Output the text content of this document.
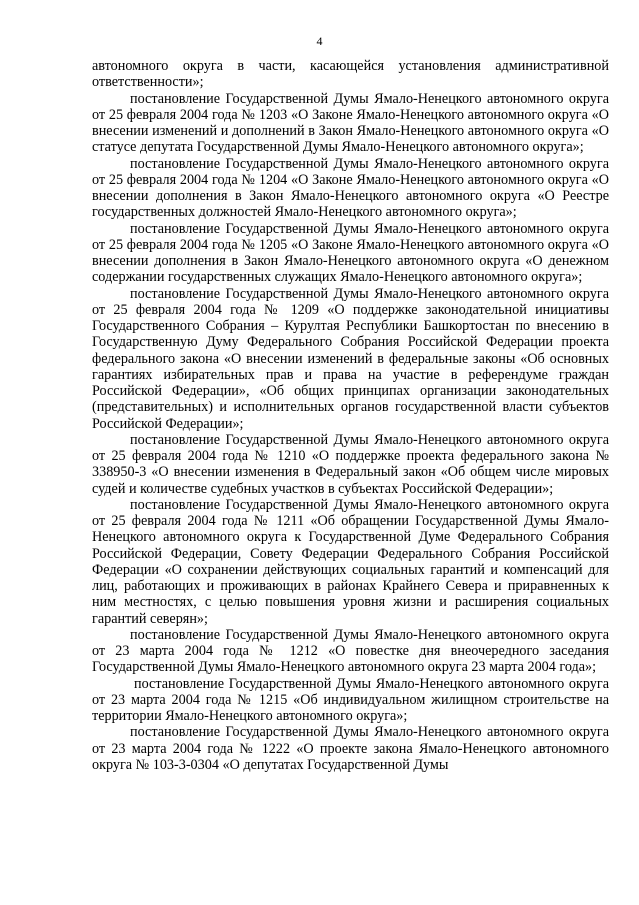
4

автономного округа в части, касающейся установления административной ответственности»;

постановление Государственной Думы Ямало-Ненецкого автономного округа от 25 февраля 2004 года № 1203 «О Законе Ямало-Ненецкого автономного округа «О внесении изменений и дополнений в Закон Ямало-Ненецкого автономного округа «О статусе депутата Государственной Думы Ямало-Ненецкого автономного округа»;

постановление Государственной Думы Ямало-Ненецкого автономного округа от 25 февраля 2004 года № 1204 «О Законе Ямало-Ненецкого автономного округа «О внесении дополнения в Закон Ямало-Ненецкого автономного округа «О Реестре государственных должностей Ямало-Ненецкого автономного округа»;

постановление Государственной Думы Ямало-Ненецкого автономного округа от 25 февраля 2004 года № 1205 «О Законе Ямало-Ненецкого автономного округа «О внесении дополнения в Закон Ямало-Ненецкого автономного округа «О денежном содержании государственных служащих Ямало-Ненецкого автономного округа»;

постановление Государственной Думы Ямало-Ненецкого автономного округа от 25 февраля 2004 года № 1209 «О поддержке законодательной инициативы Государственного Собрания – Курултая Республики Башкортостан по внесению в Государственную Думу Федерального Собрания Российской Федерации проекта федерального закона «О внесении изменений в федеральные законы «Об основных гарантиях избирательных прав и права на участие в референдуме граждан Российской Федерации», «Об общих принципах организации законодательных (представительных) и исполнительных органов государственной власти субъектов Российской Федерации»;

постановление Государственной Думы Ямало-Ненецкого автономного округа от 25 февраля 2004 года № 1210 «О поддержке проекта федерального закона № 338950-3 «О внесении изменения в Федеральный закон «Об общем числе мировых судей и количестве судебных участков в субъектах Российской Федерации»;

постановление Государственной Думы Ямало-Ненецкого автономного округа от 25 февраля 2004 года № 1211 «Об обращении Государственной Думы Ямало-Ненецкого автономного округа к Государственной Думе Федерального Собрания Российской Федерации, Совету Федерации Федерального Собрания Российской Федерации «О сохранении действующих социальных гарантий и компенсаций для лиц, работающих и проживающих в районах Крайнего Севера и приравненных к ним местностях, с целью повышения уровня жизни и расширения социальных гарантий северян»;

постановление Государственной Думы Ямало-Ненецкого автономного округа от 23 марта 2004 года № 1212 «О повестке дня внеочередного заседания Государственной Думы Ямало-Ненецкого автономного округа 23 марта 2004 года»;

постановление Государственной Думы Ямало-Ненецкого автономного округа от 23 марта 2004 года № 1215 «Об индивидуальном жилищном строительстве на территории Ямало-Ненецкого автономного округа»;

постановление Государственной Думы Ямало-Ненецкого автономного округа от 23 марта 2004 года № 1222 «О проекте закона Ямало-Ненецкого автономного округа № 103-3-0304 «О депутатах Государственной Думы
